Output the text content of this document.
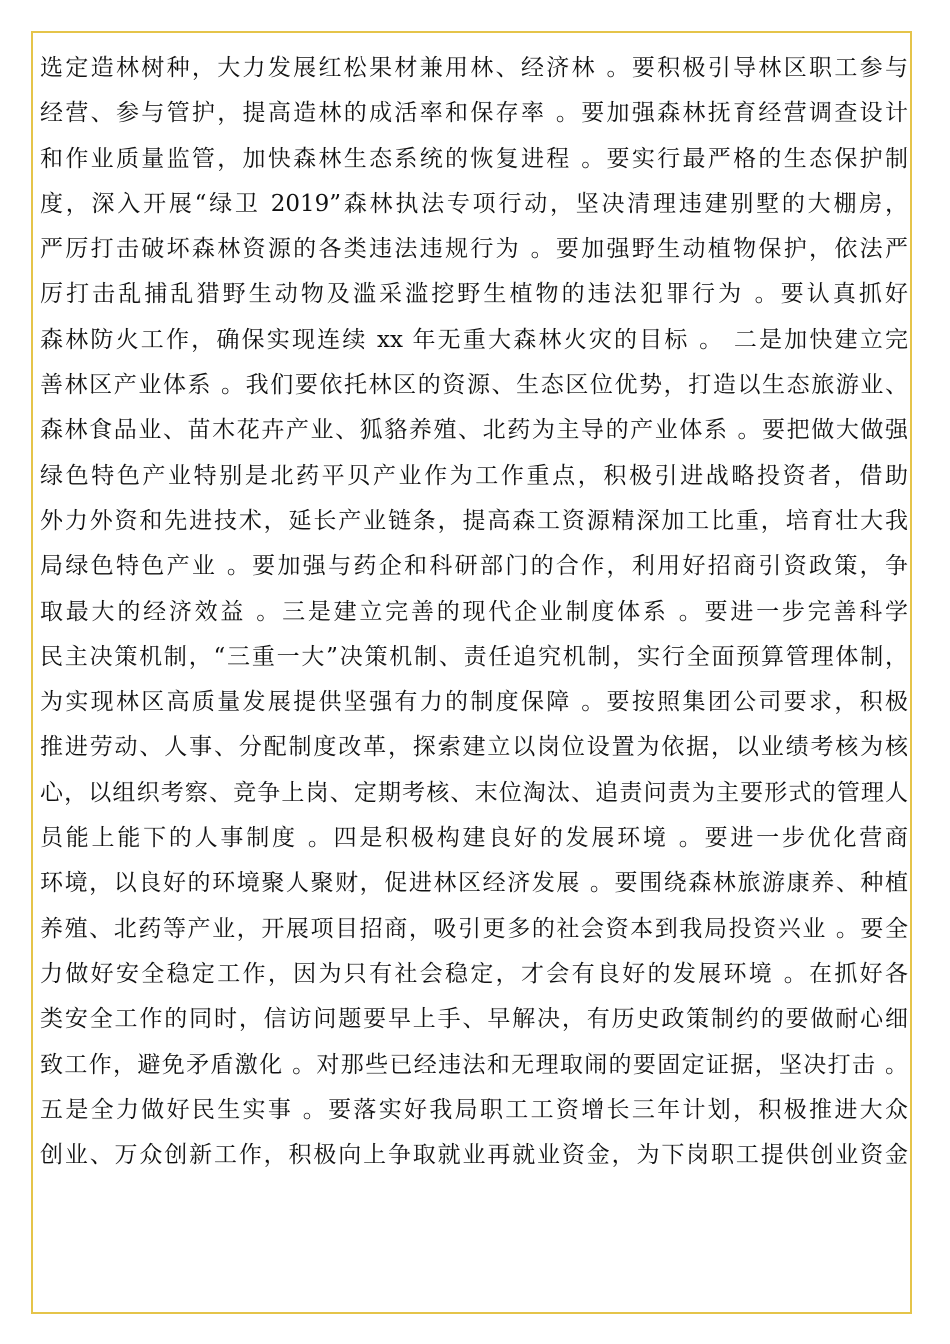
选定造林树种，大力发展红松果材兼用林、经济林 。要积极引导林区职工参与
经营、参与管护，提高造林的成活率和保存率 。要加强森林抚育经营调查设计
和作业质量监管，加快森林生态系统的恢复进程 。要实行最严格的生态保护制
度，深入开展“绿卫 2019”森林执法专项行动，坚决清理违建别墅的大棚房，
严厉打击破坏森林资源的各类违法违规行为 。要加强野生动植物保护，依法严
厉打击乱捕乱猎野生动物及滥采滥挖野生植物的违法犯罪行为 。要认真抓好
森林防火工作，确保实现连续 xx 年无重大森林火灾的目标 。 二是加快建立完
善林区产业体系 。我们要依托林区的资源、生态区位优势，打造以生态旅游业、
森林食品业、苗木花卉产业、狐貉养殖、北药为主导的产业体系 。要把做大做强
绿色特色产业特别是北药平贝产业作为工作重点，积极引进战略投资者，借助
外力外资和先进技术，延长产业链条，提高森工资源精深加工比重，培育壮大我
局绿色特色产业 。要加强与药企和科研部门的合作，利用好招商引资政策，争
取最大的经济效益 。三是建立完善的现代企业制度体系 。要进一步完善科学
民主决策机制，“三重一大”决策机制、责任追究机制，实行全面预算管理体制，
为实现林区高质量发展提供坚强有力的制度保障 。要按照集团公司要求，积极
推进劳动、人事、分配制度改革，探索建立以岗位设置为依据，以业绩考核为核
心，以组织考察、竞争上岗、定期考核、末位淘汰、追责问责为主要形式的管理人
员能上能下的人事制度 。四是积极构建良好的发展环境 。要进一步优化营商
环境，以良好的环境聚人聚财，促进林区经济发展 。要围绕森林旅游康养、种植
养殖、北药等产业，开展项目招商，吸引更多的社会资本到我局投资兴业 。要全
力做好安全稳定工作，因为只有社会稳定，才会有良好的发展环境 。在抓好各
类安全工作的同时，信访问题要早上手、早解决，有历史政策制约的要做耐心细
致工作，避免矛盾激化 。对那些已经违法和无理取闹的要固定证据，坚决打击 。
五是全力做好民生实事 。要落实好我局职工工资增长三年计划，积极推进大众
创业、万众创新工作，积极向上争取就业再就业资金，为下岗职工提供创业资金
